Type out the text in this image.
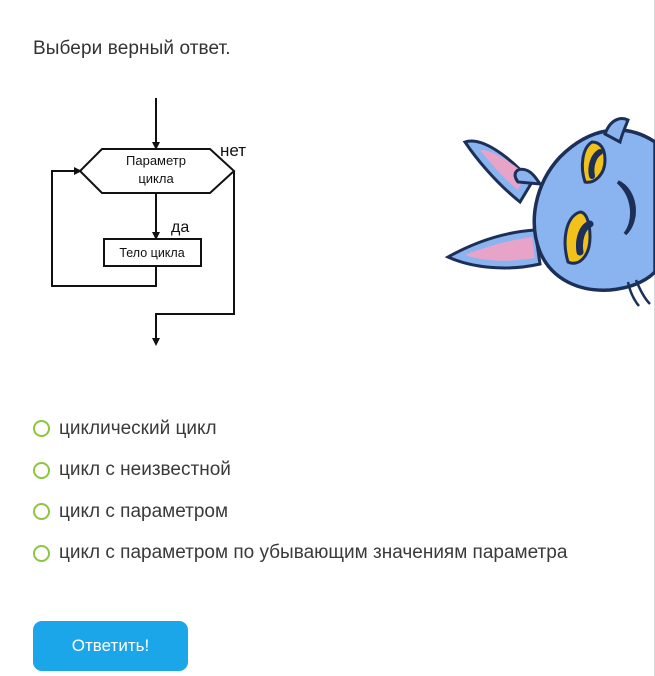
Выбери верный ответ.
Параметр
цикла
нет
да
Тело цикла
циклический цикл
цикл с неизвестной
цикл с параметром
цикл с параметром по убывающим значениям параметра
Ответить!
